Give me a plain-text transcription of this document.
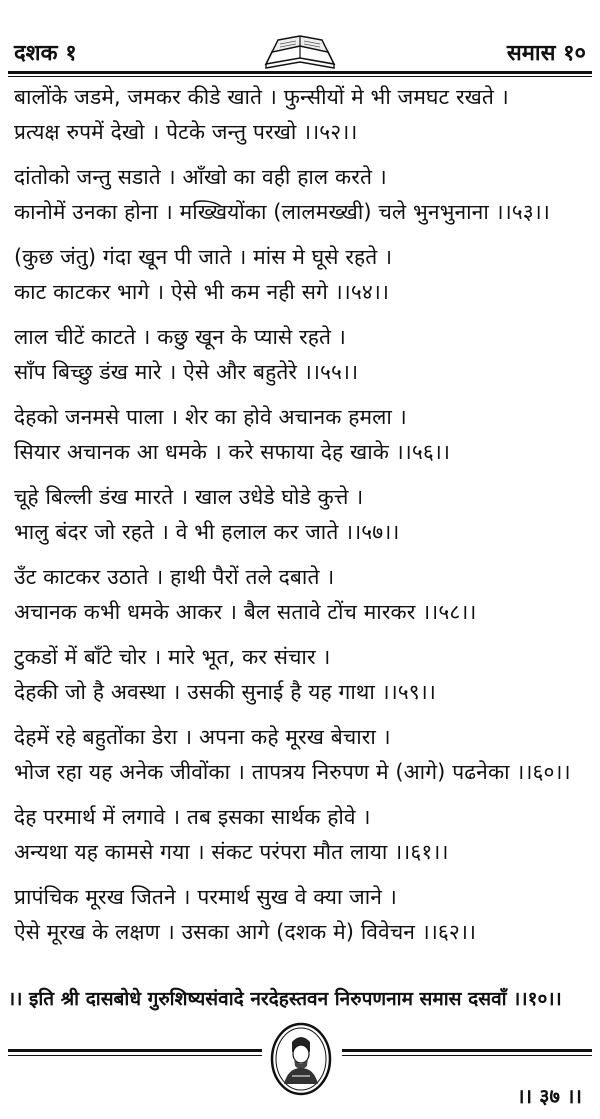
दशक १	समास १०
बालोंके जडमे, जमकर कीडे खाते । फुन्सीयों मे भी जमघट रखते ।
प्रत्यक्ष रुपमें देखो । पेटके जन्तु परखो ।।५२।।
दांतोको जन्तु सडाते । आँखो का वही हाल करते ।
कानोमें उनका होना । मख्खियोंका (लालमख्खी) चले भुनभुनाना ।।५३।।
(कुछ जंतु) गंदा खून पी जाते । मांस मे घूसे रहते ।
काट काटकर भागे । ऐसे भी कम नही सगे ।।५४।।
लाल चीटें काटते । कछु खून के प्यासे रहते ।
साँप बिच्छु डंख मारे । ऐसे और बहुतेरे ।।५५।।
देहको जनमसे पाला । शेर का होवे अचानक हमला ।
सियार अचानक आ धमके । करे सफाया देह खाके ।।५६।।
चूहे बिल्ली डंख मारते । खाल उधेडे घोडे कुत्ते ।
भालु बंदर जो रहते । वे भी हलाल कर जाते ।।५७।।
उँट काटकर उठाते । हाथी पैरों तले दबाते ।
अचानक कभी धमके आकर । बैल सतावे टोंच मारकर ।।५८।।
टुकडों में बाँटे चोर । मारे भूत, कर संचार ।
देहकी जो है अवस्था । उसकी सुनाई है यह गाथा ।।५९।।
देहमें रहे बहुतोंका डेरा । अपना कहे मूरख बेचारा ।
भोज रहा यह अनेक जीवोंका । तापत्रय निरुपण मे (आगे) पढनेका ।।६०।।
देह परमार्थ में लगावे । तब इसका सार्थक होवे ।
अन्यथा यह कामसे गया । संकट परंपरा मौत लाया ।।६१।।
प्रापंचिक मूरख जितने । परमार्थ सुख वे क्या जाने ।
ऐसे मूरख के लक्षण । उसका आगे (दशक मे) विवेचन ।।६२।।
।। इति श्री दासबोधे गुरुशिष्यसंवादे नरदेहस्तवन निरुपणनाम समास दसवाँ ।।१०।।
।। ३७ ।।
